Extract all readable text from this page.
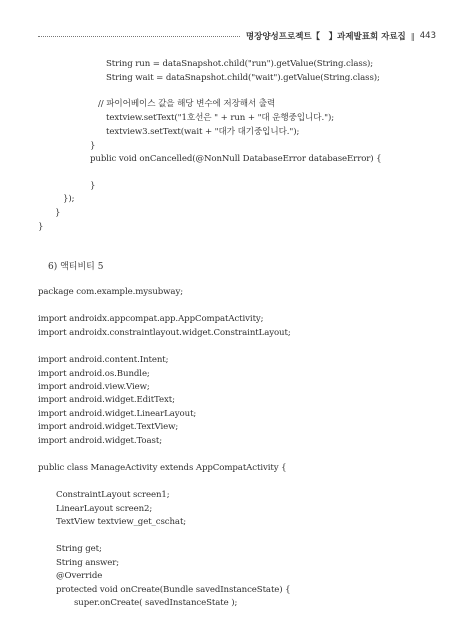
명장양성프로젝트【　】과제발표회 자료집 ‖ 443
String run = dataSnapshot.child("run").getValue(String.class);
String wait = dataSnapshot.child("wait").getValue(String.class);
// 파이어베이스 값을 해당 변수에 저장해서 출력
textview.setText("1호선은 " + run + "대 운행중입니다.");
textview3.setText(wait + "대가 대기중입니다.");
}
public void onCancelled(@NonNull DatabaseError databaseError) {
}
});
}
}
6) 액티비티 5
package com.example.mysubway;
import androidx.appcompat.app.AppCompatActivity;
import androidx.constraintlayout.widget.ConstraintLayout;
import android.content.Intent;
import android.os.Bundle;
import android.view.View;
import android.widget.EditText;
import android.widget.LinearLayout;
import android.widget.TextView;
import android.widget.Toast;
public class ManageActivity extends AppCompatActivity {
ConstraintLayout screen1;
LinearLayout screen2;
TextView textview_get_cschat;
String get;
String answer;
@Override
protected void onCreate(Bundle savedInstanceState) {
super.onCreate( savedInstanceState );
